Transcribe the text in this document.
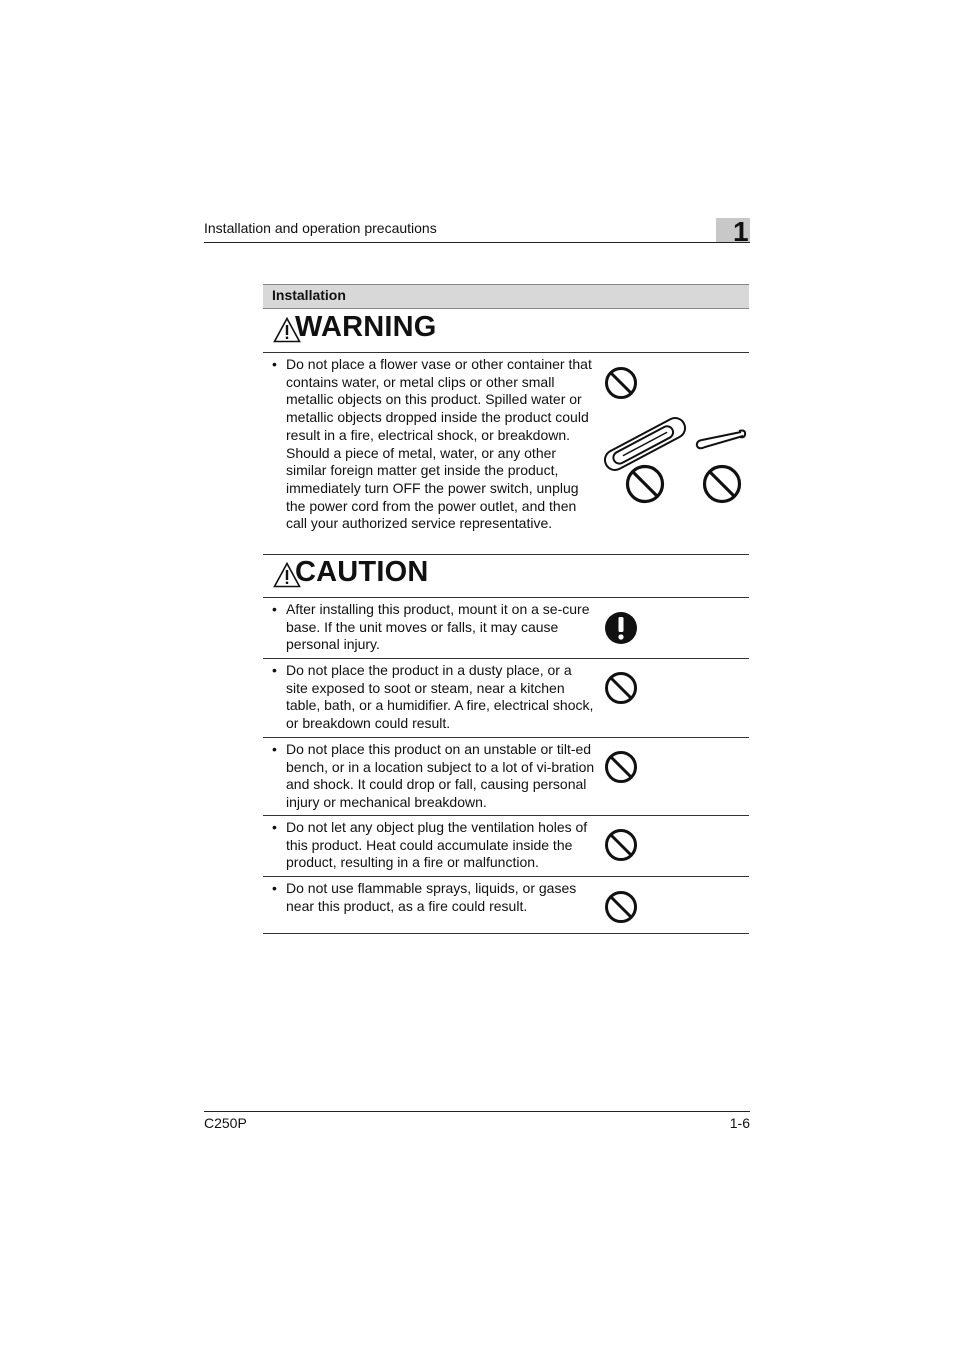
Installation and operation precautions	1
Installation
WARNING
• Do not place a flower vase or other container that contains water, or metal clips or other small metallic objects on this product. Spilled water or metallic objects dropped inside the product could result in a fire, electrical shock, or breakdown.

Should a piece of metal, water, or any other similar foreign matter get inside the product, immediately turn OFF the power switch, unplug the power cord from the power outlet, and then call your authorized service representative.

CAUTION
• After installing this product, mount it on a se-cure base. If the unit moves or falls, it may cause personal injury.
• Do not place the product in a dusty place, or a site exposed to soot or steam, near a kitchen table, bath, or a humidifier. A fire, electrical shock, or breakdown could result.
• Do not place this product on an unstable or tilt-ed bench, or in a location subject to a lot of vi-bration and shock. It could drop or fall, causing personal injury or mechanical breakdown.
• Do not let any object plug the ventilation holes of this product. Heat could accumulate inside the product, resulting in a fire or malfunction.
• Do not use flammable sprays, liquids, or gases near this product, as a fire could result.
C250P	1-6
